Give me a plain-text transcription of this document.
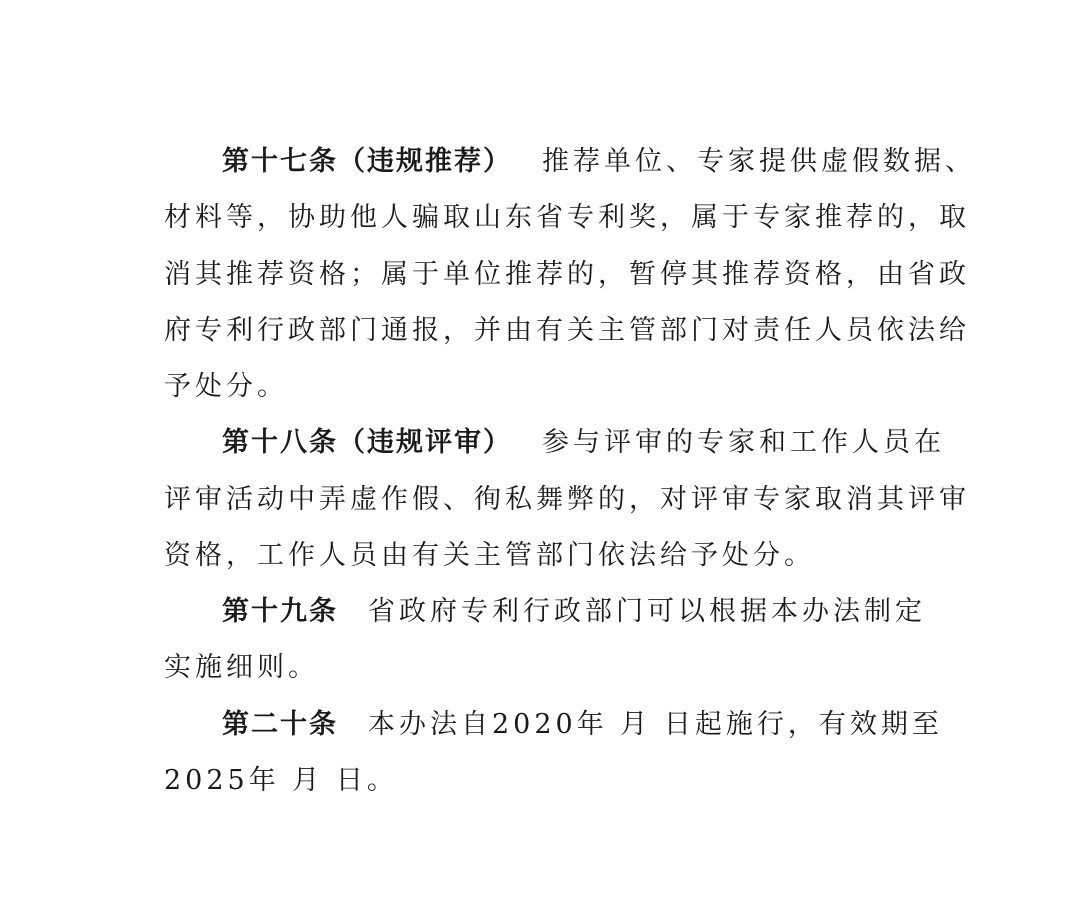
第十七条（违规推荐） 推荐单位、专家提供虚假数据、
材料等，协助他人骗取山东省专利奖，属于专家推荐的，取
消其推荐资格；属于单位推荐的，暂停其推荐资格，由省政
府专利行政部门通报，并由有关主管部门对责任人员依法给
予处分。
第十八条（违规评审） 参与评审的专家和工作人员在
评审活动中弄虚作假、徇私舞弊的，对评审专家取消其评审
资格，工作人员由有关主管部门依法给予处分。
第十九条 省政府专利行政部门可以根据本办法制定
实施细则。
第二十条 本办法自2020年 月 日起施行，有效期至
2025年 月 日。
